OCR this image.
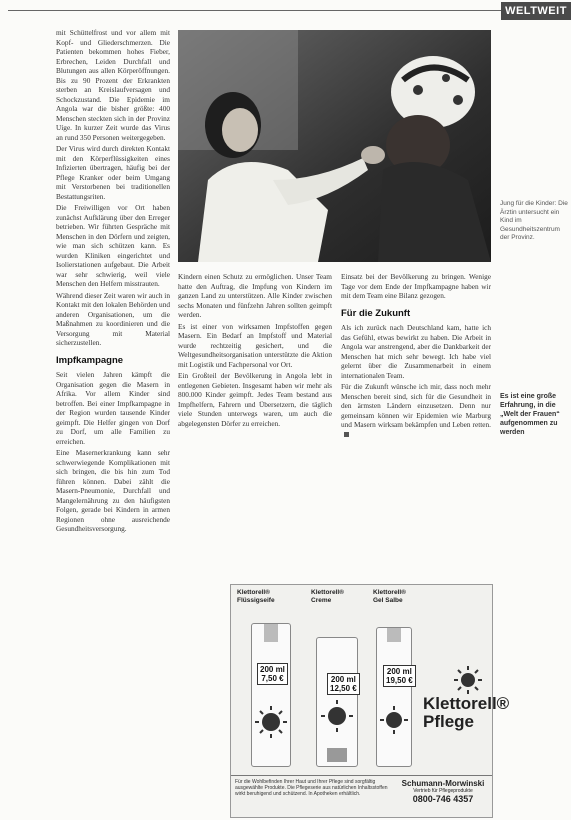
WELTWEIT

mit Schüttelfrost und vor allem mit Kopf- und Gliederschmerzen. Die Patienten bekommen hohes Fieber, Erbrechen, Leiden Durchfall und Blutungen aus allen Körperöffnungen. Bis zu 90 Prozent der Erkrankten sterben an Kreislaufversagen und Schockzustand. Die Epidemie im Angola war die bisher größte: 400 Menschen steckten sich in der Provinz Uíge. In kurzer Zeit wurde das Virus an rund 350 Personen weitergegeben.

Der Virus wird durch direkten Kontakt mit den Körperflüssigkeiten eines Infizierten übertragen, häufig bei der Pflege Kranker oder beim Umgang mit Verstorbenen bei traditionellen Bestattungsriten.

Die Freiwilligen vor Ort haben zunächst Aufklärung über den Erreger betrieben. Wir führten Gespräche mit Menschen in den Dörfern und zeigten, wie man sich schützen kann. Es wurden Kliniken eingerichtet und Isolierstationen aufgebaut. Die Arbeit war sehr schwierig, weil viele Menschen den Helfern misstrauten.

Während dieser Zeit waren wir auch in Kontakt mit den lokalen Behörden und anderen Organisationen, um die Maßnahmen zu koordinieren und die Versorgung mit Material sicherzustellen.

Impfkampagne

Seit vielen Jahren kämpft die Organisation gegen die Masern in Afrika. Vor allem Kinder sind betroffen. Bei einer Impfkampagne in der Region wurden tausende Kinder geimpft. Die Helfer gingen von Dorf zu Dorf, um alle Familien zu erreichen.

Eine Masernerkrankung kann sehr schwerwiegende Komplikationen mit sich bringen, die bis hin zum Tod führen können. Dabei zählt die Masern-Pneumonie, Durchfall und Mangelernährung zu den häufigsten Folgen, gerade bei Kindern in armen Regionen ohne ausreichende Gesundheitsversorgung.

Jung für die Kinder: Die Ärztin untersucht ein Kind im Gesundheitszentrum der Provinz.

Kindern einen Schutz zu ermöglichen. Unser Team hatte den Auftrag, die Impfung von Kindern im ganzen Land zu unterstützen. Alle Kinder zwischen sechs Monaten und fünfzehn Jahren sollten geimpft werden.

Es ist einer von wirksamen Impfstoffen gegen Masern. Ein Bedarf an Impfstoff und Material wurde rechtzeitig gesichert, und die Weltgesundheitsorganisation unterstützte die Aktion mit Logistik und Fachpersonal vor Ort.

Ein Großteil der Bevölkerung in Angola lebt in entlegenen Gebieten. Insgesamt haben wir mehr als 800.000 Kinder geimpft. Jedes Team bestand aus Impfhelfern, Fahrern und Übersetzern, die täglich viele Stunden unterwegs waren, um auch die abgelegensten Dörfer zu erreichen.

Einsatz bei der Bevölkerung zu bringen. Wenige Tage vor dem Ende der Impfkampagne haben wir mit dem Team eine Bilanz gezogen.

Für die Zukunft

Als ich zurück nach Deutschland kam, hatte ich das Gefühl, etwas bewirkt zu haben. Die Arbeit in Angola war anstrengend, aber die Dankbarkeit der Menschen hat mich sehr bewegt. Ich habe viel gelernt über die Zusammenarbeit in einem internationalen Team.

Für die Zukunft wünsche ich mir, dass noch mehr Menschen bereit sind, sich für die Gesundheit in den ärmsten Ländern einzusetzen. Denn nur gemeinsam können wir Epidemien wie Marburg und Masern wirksam bekämpfen und Leben retten.

Es ist eine große Erfahrung, in die „Welt der Frauen“ aufgenommen zu werden
Klettorell®
Flüssigseife
Klettorell®
Creme
Klettorell®
Gel Salbe
200 ml
7,50 €	200 ml
12,50 €
200 ml
19,50 €
Klettorell®
Pflege
Für die Wohlbefinden Ihrer Haut und Ihrer Pflege sind sorgfältig ausgewählte Produkte. Die Pflegeserie aus natürlichen Inhaltsstoffen wirkt beruhigend und schützend. In Apotheken erhältlich.
Schumann-Morwinski
Vertrieb für Pflegeprodukte
0800-746 4357
